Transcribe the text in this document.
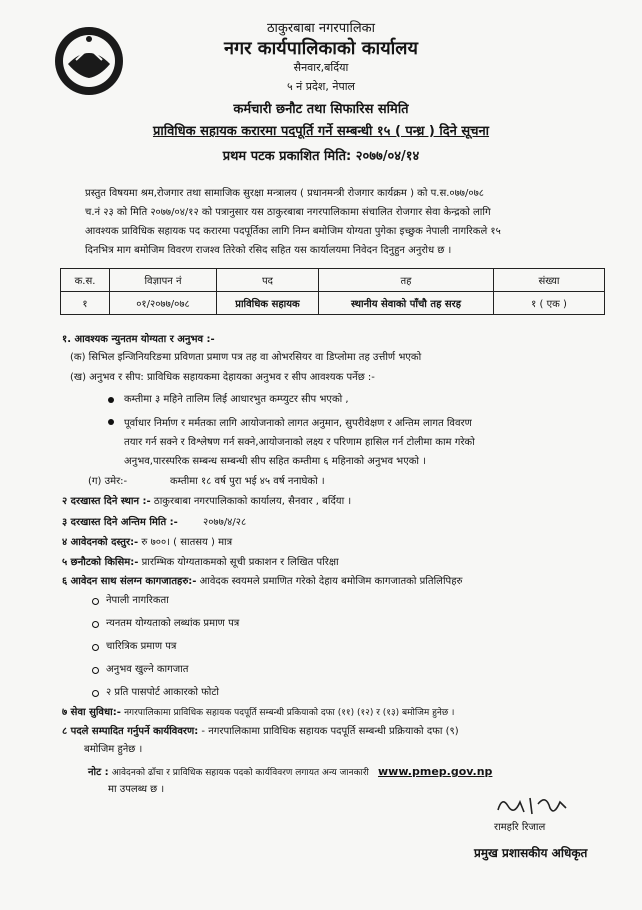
ठाकुरबाबा नगरपालिका
नगर कार्यपालिकाको कार्यालय
सैनवार,बर्दिया
५ नं प्रदेश, नेपाल
कर्मचारी छनौट तथा सिफारिस समिति
प्राविधिक सहायक करारमा पदपूर्ति गर्ने सम्बन्धी १५ ( पन्ध्र ) दिने सूचना
प्रथम पटक प्रकाशित मिति: २०७७/०४/१४
प्रस्तुत विषयमा श्रम,रोजगार तथा सामाजिक सुरक्षा मन्त्रालय ( प्रधानमन्त्री रोजगार कार्यक्रम ) को प.स.०७७/०७८
च.नं २३ को मिति २०७७/०४/१२ को पत्रानुसार यस ठाकुरबाबा नगरपालिकामा संचालित रोजगार सेवा केन्द्रको लागि
आवश्यक प्राविधिक सहायक पद करारमा पदपूर्तिका लागि निम्न बमोजिम योग्यता पुगेका इच्छुक नेपाली नागरिकले १५
दिनभित्र माग बमोजिम विवरण राजश्व तिरेको रसिद सहित यस कार्यालयमा निवेदन दिनुहुन अनुरोध छ ।
क.स.	विज्ञापन नं	पद	तह	संख्या
१	०१/२०७७/०७८	प्राविधिक सहायक	स्थानीय सेवाको पाँचौ तह सरह	१ ( एक )
१. आवश्यक न्युनतम योग्यता र अनुभव :-
(क) सिभिल इन्जिनियरिङमा प्रविणता प्रमाण पत्र तह वा ओभरसियर वा डिप्लोमा तह उत्तीर्ण भएको
(ख) अनुभव र सीप: प्राविधिक सहायकमा देहायका अनुभव र सीप आवश्यक पर्नेछ :-
कम्तीमा ३ महिने तालिम लिई आधारभुत कम्प्युटर सीप भएको ,
पूर्वाधार निर्माण र मर्मतका लागि आयोजनाको लागत अनुमान, सुपरीवेक्षण र अन्तिम लागत विवरण
तयार गर्न सक्ने र विश्लेषण गर्न सक्ने,आयोजनाको लक्ष्य र परिणाम हासिल गर्न टोलीमा काम गरेको
अनुभव,पारस्परिक सम्बन्ध सम्बन्धी सीप सहित कम्तीमा ६ महिनाको अनुभव भएको ।
(ग) उमेर:-	कम्तीमा १८ वर्ष पुरा भई ४५ वर्ष ननाघेको ।
२ दरखास्त दिने स्थान :- ठाकुरबाबा नगरपालिकाको कार्यालय, सैनवार , बर्दिया ।
३ दरखास्त दिने अन्तिम मिति :-	२०७७/४/२८
४ आवेदनको दस्तुर:- रु ७००। ( सातसय ) मात्र
५ छनौटको किसिम:- प्रारम्भिक योग्यताकमको सूची प्रकाशन र लिखित परिक्षा
६ आवेदन साथ संलग्न कागजातहरु:- आवेदक स्वयमले प्रमाणित गरेको देहाय बमोजिम कागजातको प्रतिलिपिहरु
नेपाली नागरिकता
न्यनतम योग्यताको लब्धांक प्रमाण पत्र
चारित्रिक प्रमाण पत्र
अनुभव खुल्ने कागजात
२ प्रति पासपोर्ट आकारको फोटो
७ सेवा सुविधा:- नगरपालिकामा प्राविधिक सहायक पदपूर्ति सम्बन्धी प्रकियाको दफा (११) (१२) र (१३) बमोजिम हुनेछ ।
८ पदले सम्पादित गर्नुपर्ने कार्यविवरण: - नगरपालिकामा प्राविधिक सहायक पदपूर्ति सम्बन्धी प्रक्रियाको दफा (९)
बमोजिम हुनेछ ।
नोट : आवेदनको ढाँचा र प्राविधिक सहायक पदको कार्यविवरण लगायत अन्य जानकारी www.pmep.gov.np
मा उपलब्ध छ ।
रामहरि रिजाल
प्रमुख प्रशासकीय अधिकृत
